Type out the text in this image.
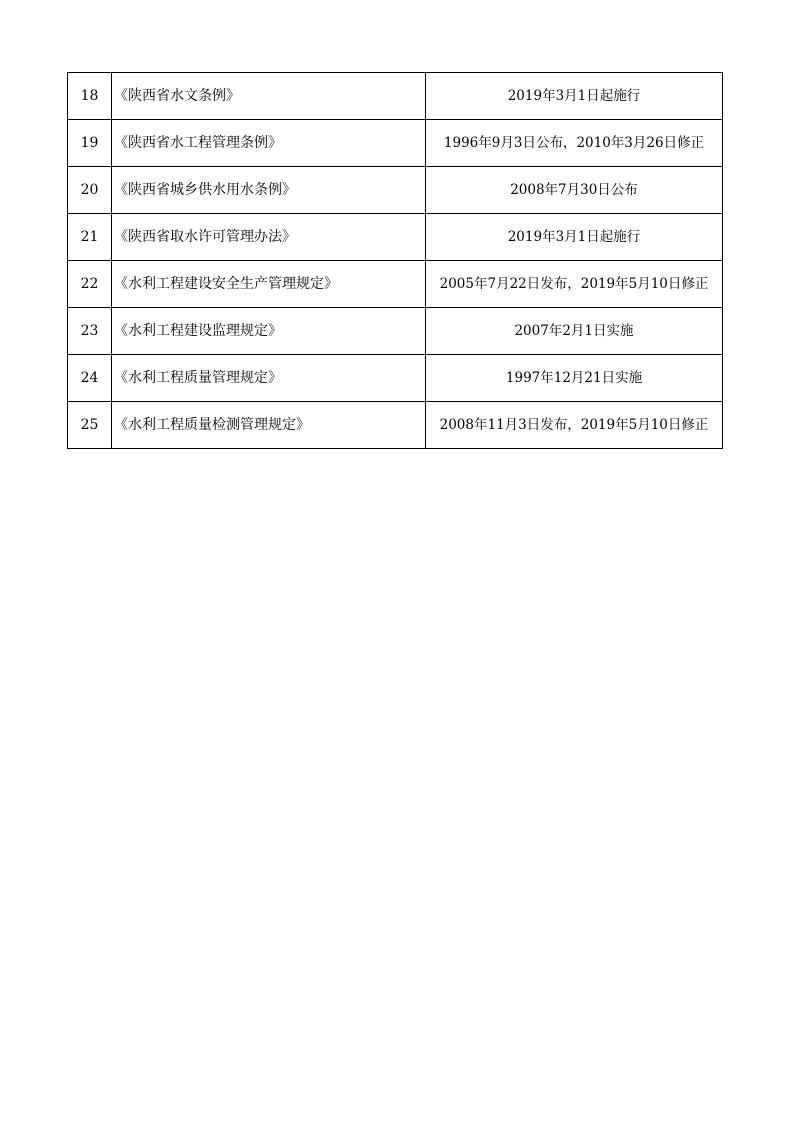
18	《陕西省水文条例》	2019年3月1日起施行
19	《陕西省水工程管理条例》	1996年9月3日公布，2010年3月26日修正
20	《陕西省城乡供水用水条例》	2008年7月30日公布
21	《陕西省取水许可管理办法》	2019年3月1日起施行
22	《水利工程建设安全生产管理规定》	2005年7月22日发布，2019年5月10日修正
23	《水利工程建设监理规定》	2007年2月1日实施
24	《水利工程质量管理规定》	1997年12月21日实施
25	《水利工程质量检测管理规定》	2008年11月3日发布，2019年5月10日修正
